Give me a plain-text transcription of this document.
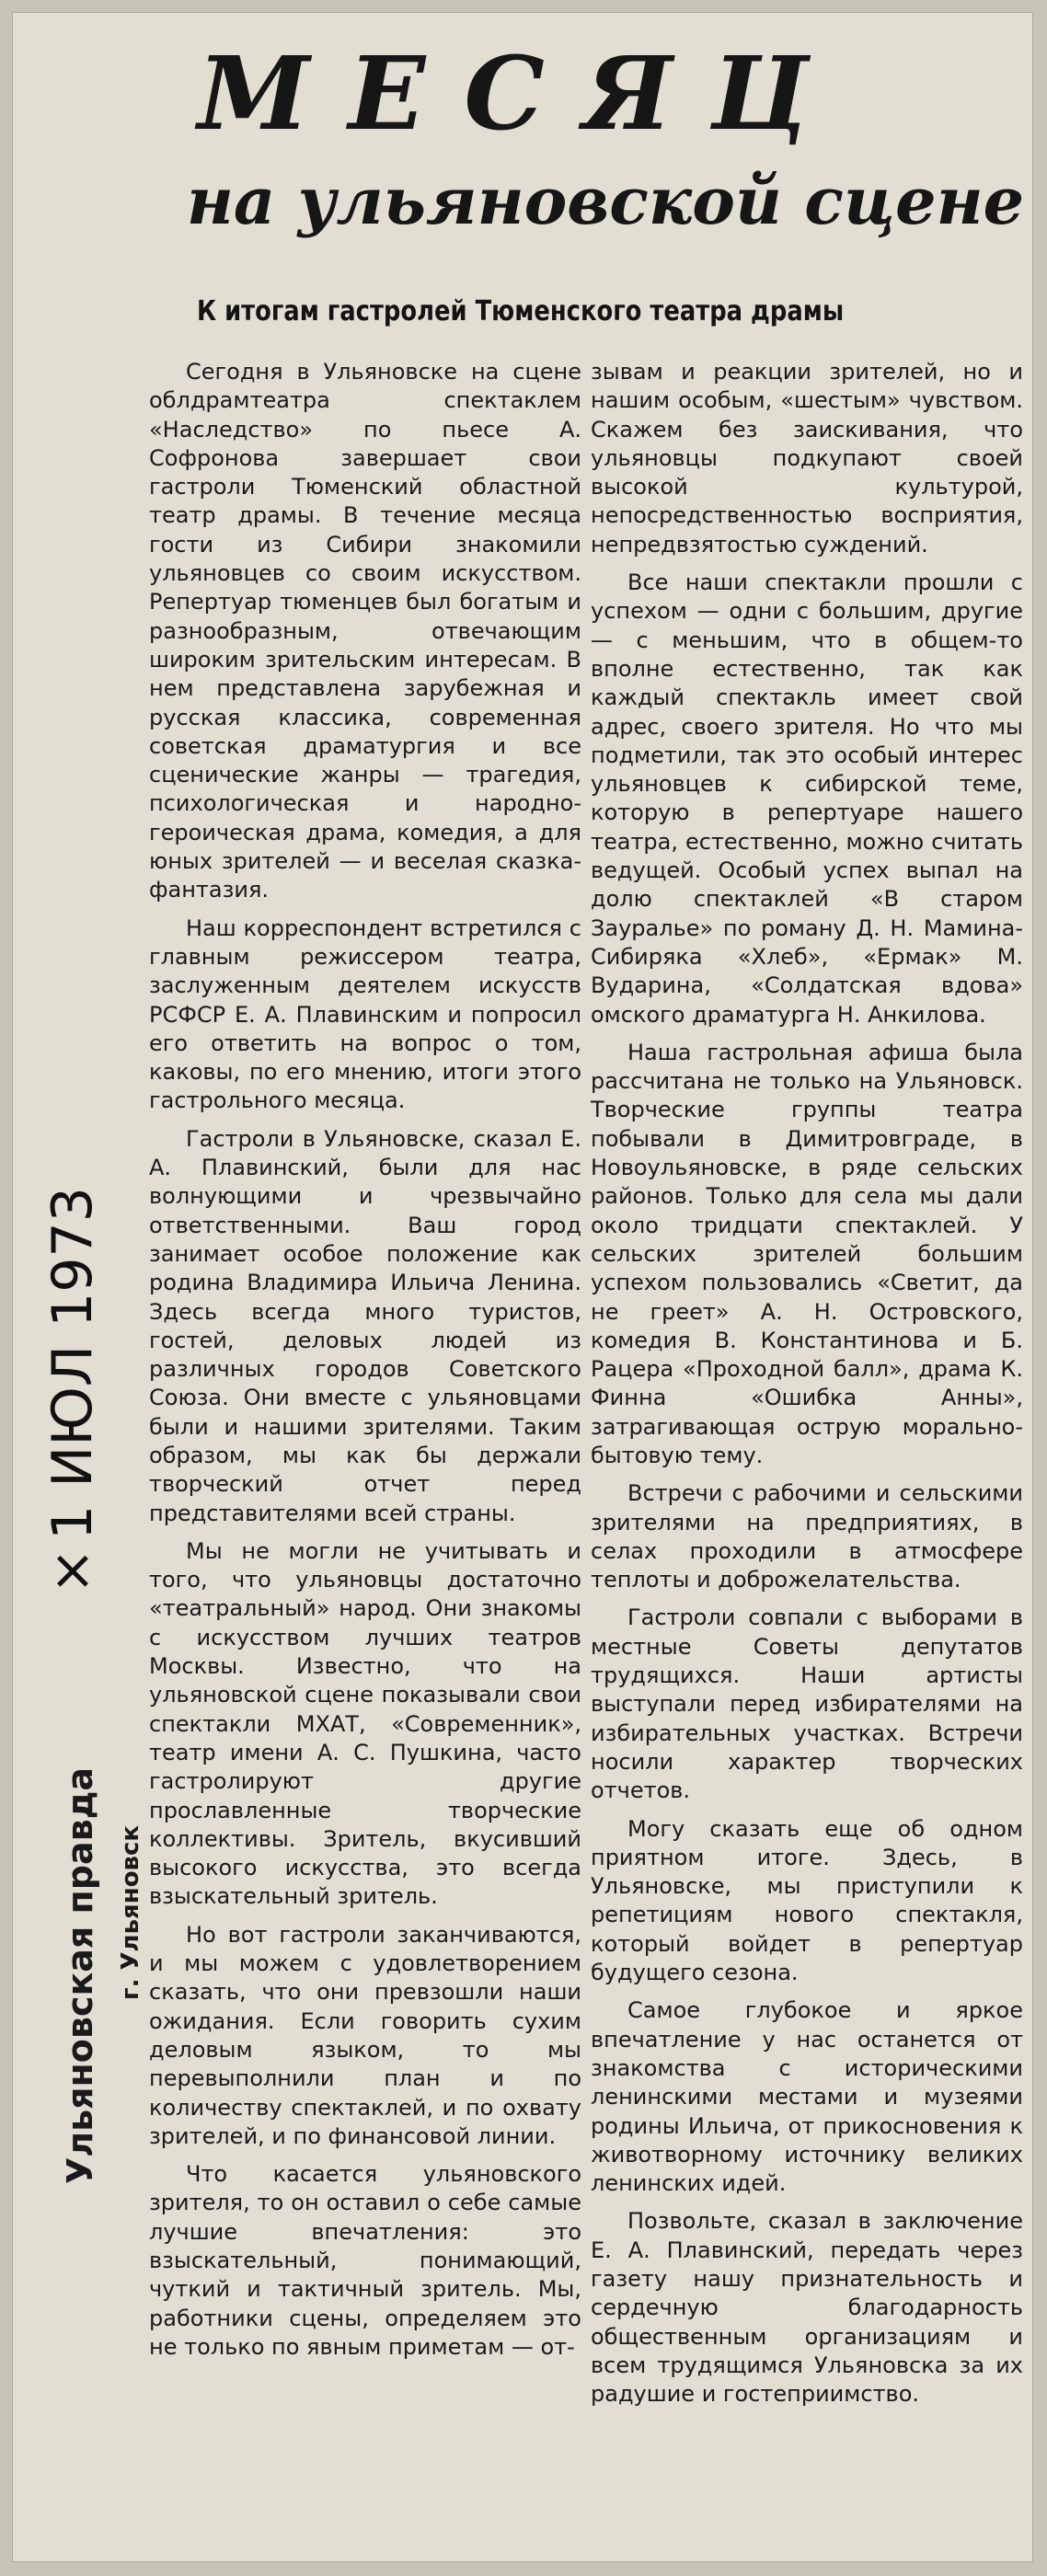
МЕСЯЦ
на ульяновской сцене
К итогам гастролей Тюменского театра драмы

Сегодня в Ульяновске на сцене облдрамтеатра спектаклем «Наследство» по пьесе А. Софронова завершает свои гастроли Тюменский областной театр драмы. В течение месяца гости из Сибири знакомили ульяновцев со своим искусством. Репертуар тюменцев был богатым и разнообразным, отвечающим широким зрительским интересам. В нем представлена зарубежная и русская классика, современная советская драматургия и все сценические жанры — трагедия, психологическая и народно-героическая драма, комедия, а для юных зрителей — и веселая сказка-фантазия.

Наш корреспондент встретился с главным режиссером театра, заслуженным деятелем искусств РСФСР Е. А. Плавинским и попросил его ответить на вопрос о том, каковы, по его мнению, итоги этого гастрольного месяца.

Гастроли в Ульяновске, сказал Е. А. Плавинский, были для нас волнующими и чрезвычайно ответственными. Ваш город занимает особое положение как родина Владимира Ильича Ленина. Здесь всегда много туристов, гостей, деловых людей из различных городов Советского Союза. Они вместе с ульяновцами были и нашими зрителями. Таким образом, мы как бы держали творческий отчет перед представителями всей страны.

Мы не могли не учитывать и того, что ульяновцы достаточно «театральный» народ. Они знакомы с искусством лучших театров Москвы. Известно, что на ульяновской сцене показывали свои спектакли МХАТ, «Современник», театр имени А. С. Пушкина, часто гастролируют другие прославленные творческие коллективы. Зритель, вкусивший высокого искусства, это всегда взыскательный зритель.

Но вот гастроли заканчиваются, и мы можем с удовлетворением сказать, что они превзошли наши ожидания. Если говорить сухим деловым языком, то мы перевыполнили план и по количеству спектаклей, и по охвату зрителей, и по финансовой линии.

Что касается ульяновского зрителя, то он оставил о себе самые лучшие впечатления: это взыскательный, понимающий, чуткий и тактичный зритель. Мы, работники сцены, определяем это не только по явным приметам — от-

зывам и реакции зрителей, но и нашим особым, «шестым» чувством. Скажем без заискивания, что ульяновцы подкупают своей высокой культурой, непосредственностью восприятия, непредвзятостью суждений.

Все наши спектакли прошли с успехом — одни с большим, другие — с меньшим, что в общем-то вполне естественно, так как каждый спектакль имеет свой адрес, своего зрителя. Но что мы подметили, так это особый интерес ульяновцев к сибирской теме, которую в репертуаре нашего театра, естественно, можно считать ведущей. Особый успех выпал на долю спектаклей «В старом Зауралье» по роману Д. Н. Мамина-Сибиряка «Хлеб», «Ермак» М. Вударина, «Солдатская вдова» омского драматурга Н. Анкилова.

Наша гастрольная афиша была рассчитана не только на Ульяновск. Творческие группы театра побывали в Димитровграде, в Новоульяновске, в ряде сельских районов. Только для села мы дали около тридцати спектаклей. У сельских зрителей большим успехом пользовались «Светит, да не греет» А. Н. Островского, комедия В. Константинова и Б. Рацера «Проходной балл», драма К. Финна «Ошибка Анны», затрагивающая острую морально-бытовую тему.

Встречи с рабочими и сельскими зрителями на предприятиях, в селах проходили в атмосфере теплоты и доброжелательства.

Гастроли совпали с выборами в местные Советы депутатов трудящихся. Наши артисты выступали перед избирателями на избирательных участках. Встречи носили характер творческих отчетов.

Могу сказать еще об одном приятном итоге. Здесь, в Ульяновске, мы приступили к репетициям нового спектакля, который войдет в репертуар будущего сезона.

Самое глубокое и яркое впечатление у нас останется от знакомства с историческими ленинскими местами и музеями родины Ильича, от прикосновения к животворному источнику великих ленинских идей.

Позвольте, сказал в заключение Е. А. Плавинский, передать через газету нашу признательность и сердечную благодарность общественным организациям и всем трудящимся Ульяновска за их радушие и гостеприимство.

×1 ИЮЛ 1973
Ульяновская правда г. Ульяновск
